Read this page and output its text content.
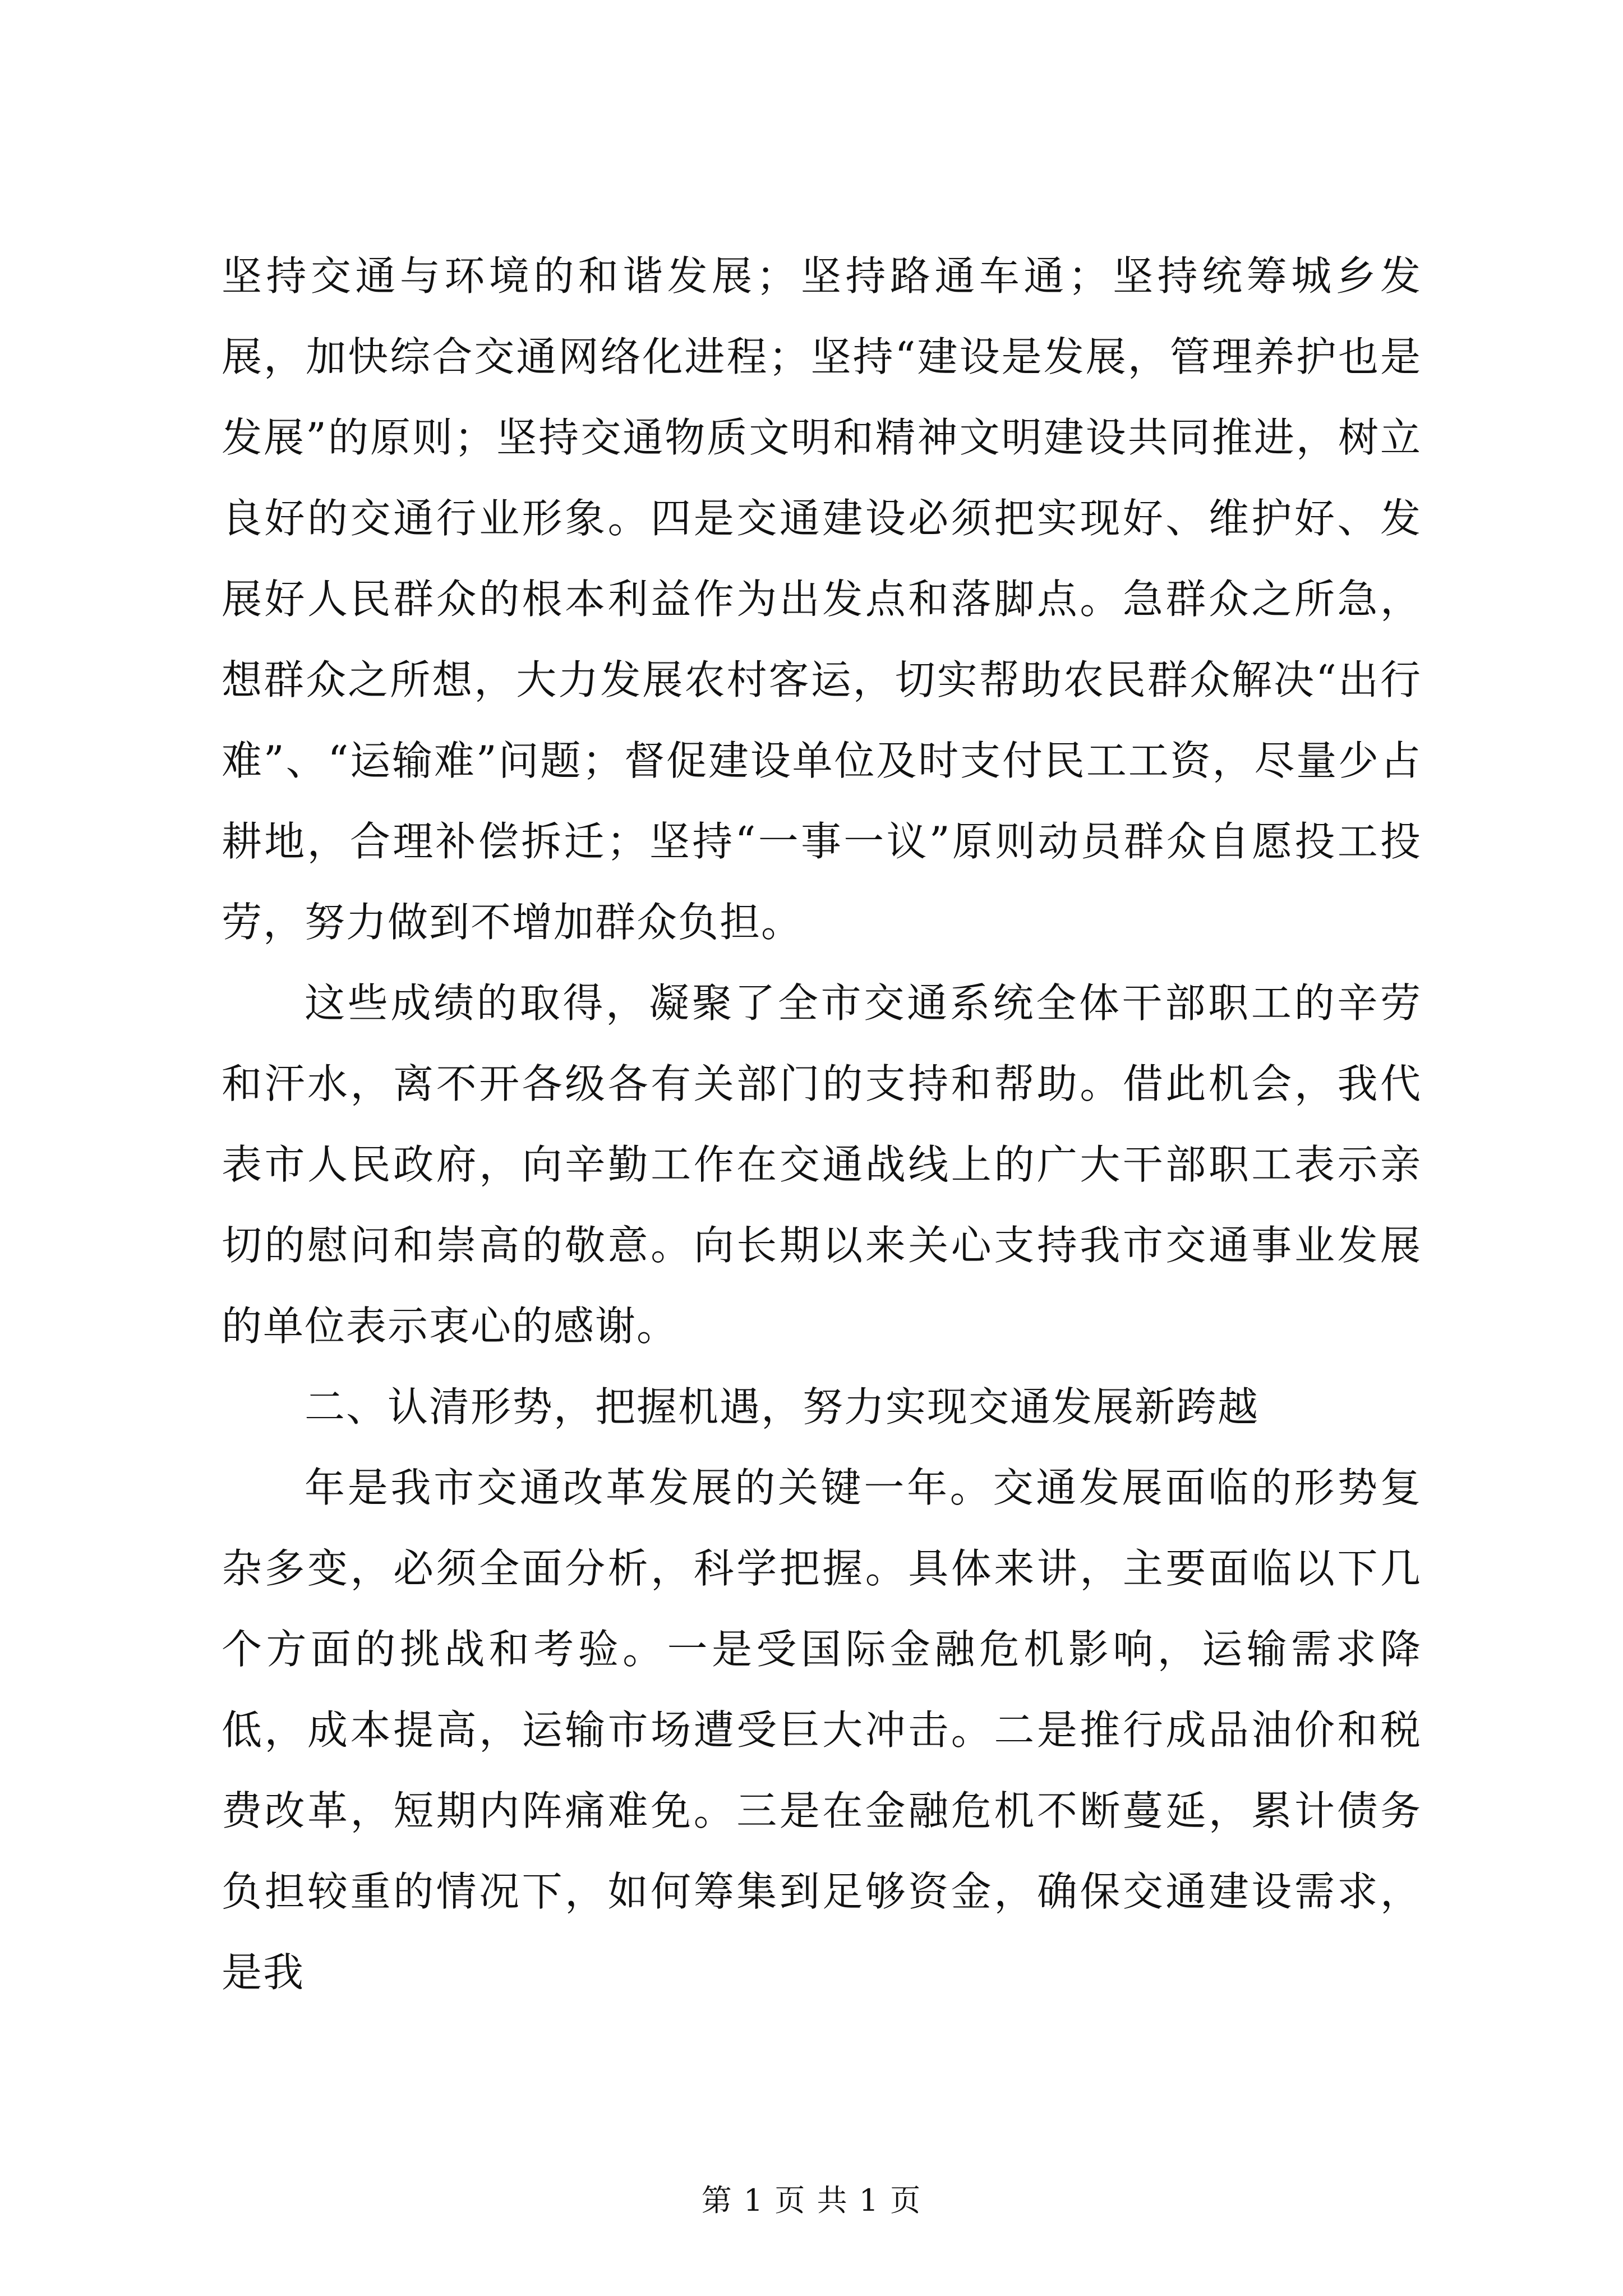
坚持交通与环境的和谐发展；坚持路通车通；坚持统筹城乡发展，加快综合交通网络化进程；坚持“建设是发展，管理养护也是发展”的原则；坚持交通物质文明和精神文明建设共同推进，树立良好的交通行业形象。四是交通建设必须把实现好、维护好、发展好人民群众的根本利益作为出发点和落脚点。急群众之所急，想群众之所想，大力发展农村客运，切实帮助农民群众解决“出行难”、“运输难”问题；督促建设单位及时支付民工工资，尽量少占耕地，合理补偿拆迁；坚持“一事一议”原则动员群众自愿投工投劳，努力做到不增加群众负担。

这些成绩的取得，凝聚了全市交通系统全体干部职工的辛劳和汗水，离不开各级各有关部门的支持和帮助。借此机会，我代表市人民政府，向辛勤工作在交通战线上的广大干部职工表示亲切的慰问和崇高的敬意。向长期以来关心支持我市交通事业发展的单位表示衷心的感谢。

二、认清形势，把握机遇，努力实现交通发展新跨越

年是我市交通改革发展的关键一年。交通发展面临的形势复杂多变，必须全面分析，科学把握。具体来讲，主要面临以下几个方面的挑战和考验。一是受国际金融危机影响，运输需求降低，成本提高，运输市场遭受巨大冲击。二是推行成品油价和税费改革，短期内阵痛难免。三是在金融危机不断蔓延，累计债务负担较重的情况下，如何筹集到足够资金，确保交通建设需求，是我

第 1 页 共 1 页
